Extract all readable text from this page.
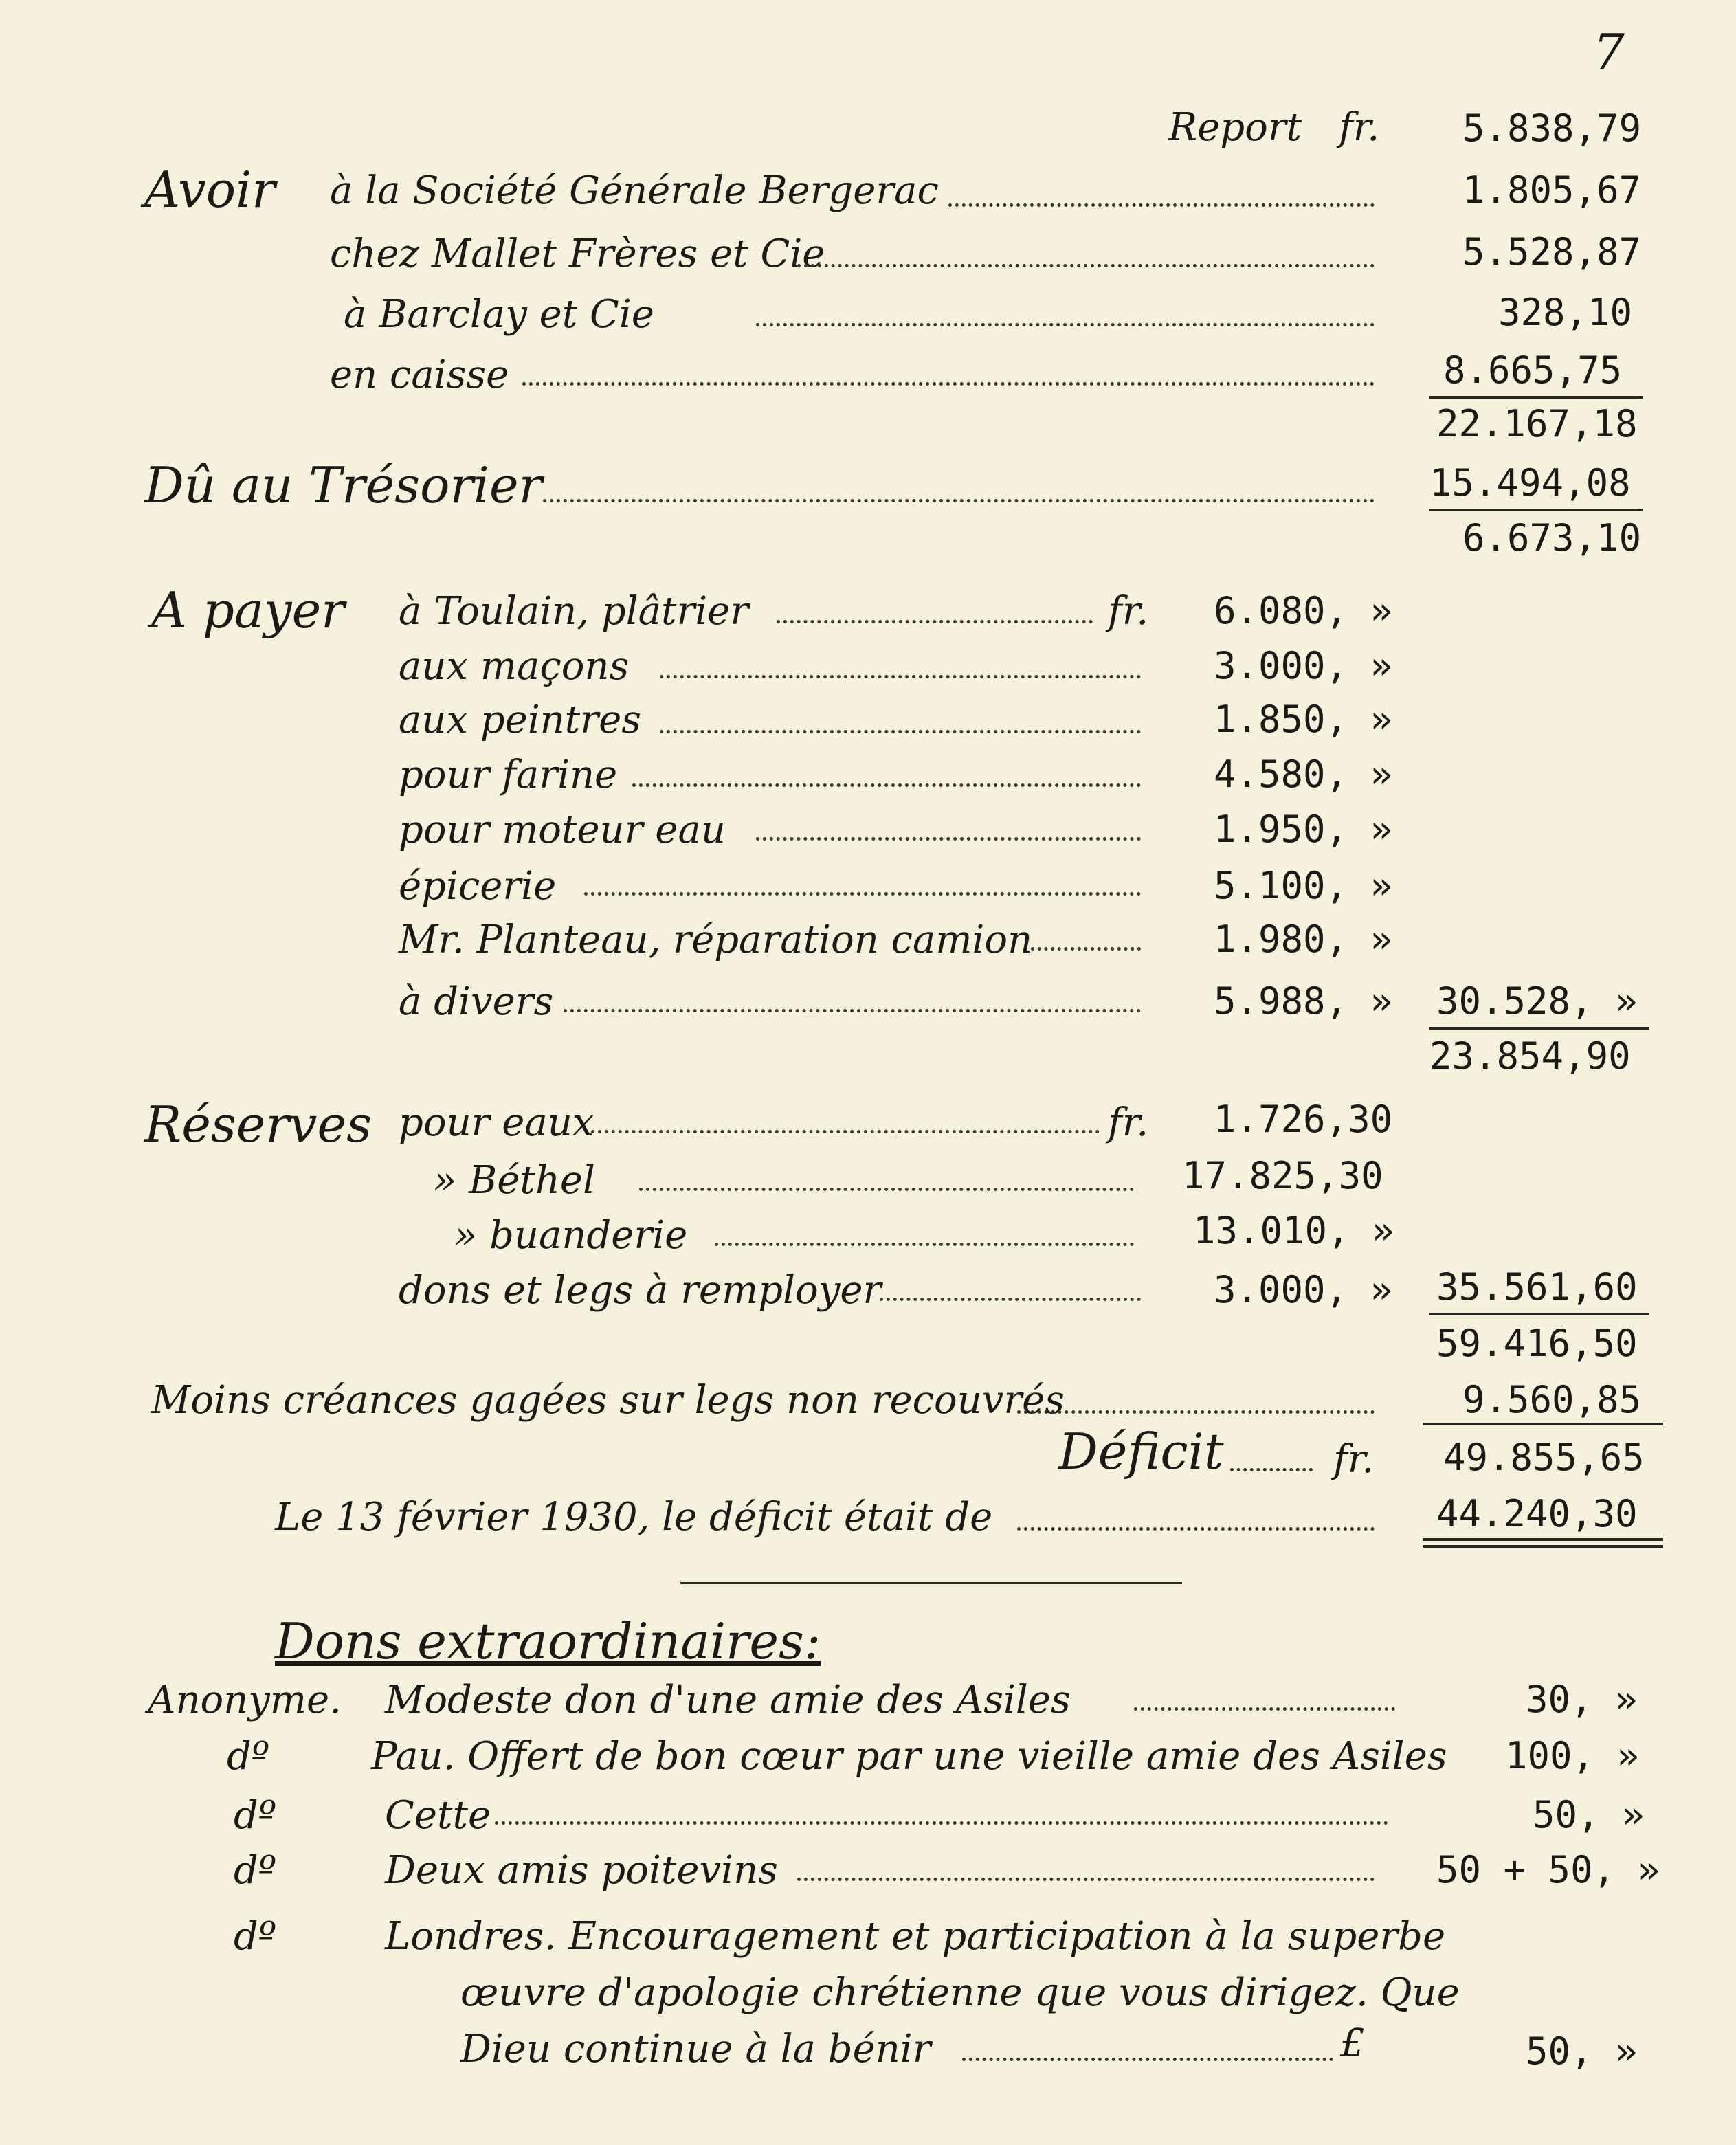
7
Report fr. 5.838,79
Avoir à la Société Générale Bergerac	1.805,67
chez Mallet Frères et Cie	5.528,87
à Barclay et Cie	328,10
en caisse	8.665,75
22.167,18
Dû au Trésorier	15.494,08
6.673,10
A payer	fr.
à Toulain, plâtrier	6.080, »
aux maçons	3.000, »
aux peintres	1.850, »
pour farine	4.580, »
pour moteur eau	1.950, »
épicerie	5.100, »
Mr. Planteau, réparation camion	1.980, »
à divers	5.988, » 30.528, »
23.854,90
Réserves	fr.
pour eaux	1.726,30
» Béthel	17.825,30
» buanderie	13.010, »
dons et legs à remployer	3.000, » 35.561,60
59.416,50
Moins créances gagées sur legs non recouvrés	9.560,85
Déficit	fr. 49.855,65
Le 13 février 1930, le déficit était de	44.240,30
Dons extraordinaires:
Anonyme. Modeste don d'une amie des Asiles	30, »
dº	Pau. Offert de bon cœur par une vieille amie des Asiles 100, »
dº	Cette	50, »
dº	Deux amis poitevins	50 + 50, »
dº	Londres. Encouragement et participation à la superbe
œuvre d'apologie chrétienne que vous dirigez. Que
Dieu continue à la bénir	£	50, »
